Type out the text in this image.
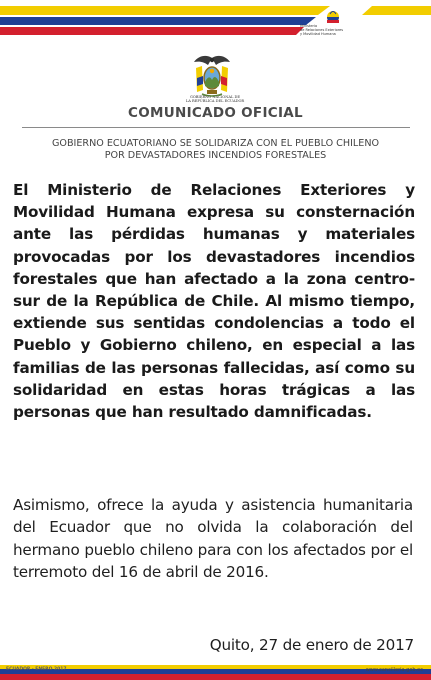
Ministerio
de Relaciones Exteriores
y Movilidad Humana
GOBIERNO NACIONAL DE
LA REPÚBLICA DEL ECUADOR
COMUNICADO OFICIAL
GOBIERNO ECUATORIANO SE SOLIDARIZA CON EL PUEBLO CHILENO
POR DEVASTADORES INCENDIOS FORESTALES

El Ministerio de Relaciones Exteriores y Movilidad Humana expresa su consternación ante las pérdidas humanas y materiales provocadas por los devastadores incendios forestales que han afectado a la zona centro-sur de la República de Chile. Al mismo tiempo, extiende sus sentidas condolencias a todo el Pueblo y Gobierno chileno, en especial a las familias de las personas fallecidas, así como su solidaridad en estas horas trágicas a las personas que han resultado damnificadas.

Asimismo, ofrece la ayuda y asistencia humanitaria del Ecuador que no olvida la colaboración del hermano pueblo chileno para con los afectados por el terremoto del 16 de abril de 2016.

Quito, 27 de enero de 2017
ECUADOR · ENERO 2017	www.cancilleria.gob.ec
